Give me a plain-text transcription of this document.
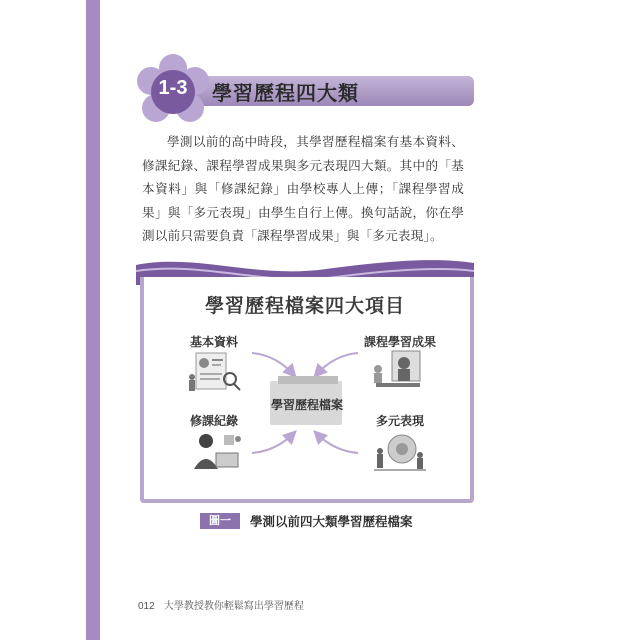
1-3	學習歷程四大類
學測以前的高中時段，其學習歷程檔案有基本資料、修課紀錄、課程學習成果與多元表現四大類。其中的「基本資料」與「修課紀錄」由學校專人上傳；「課程學習成果」與「多元表現」由學生自行上傳。換句話說，你在學測以前只需要負責「課程學習成果」與「多元表現」。
學習歷程檔案四大項目
基本資料	課程學習成果
修課紀錄	多元表現
學習歷程檔案
圖一	學測以前四大類學習歷程檔案
012 大學教授教你輕鬆寫出學習歷程
